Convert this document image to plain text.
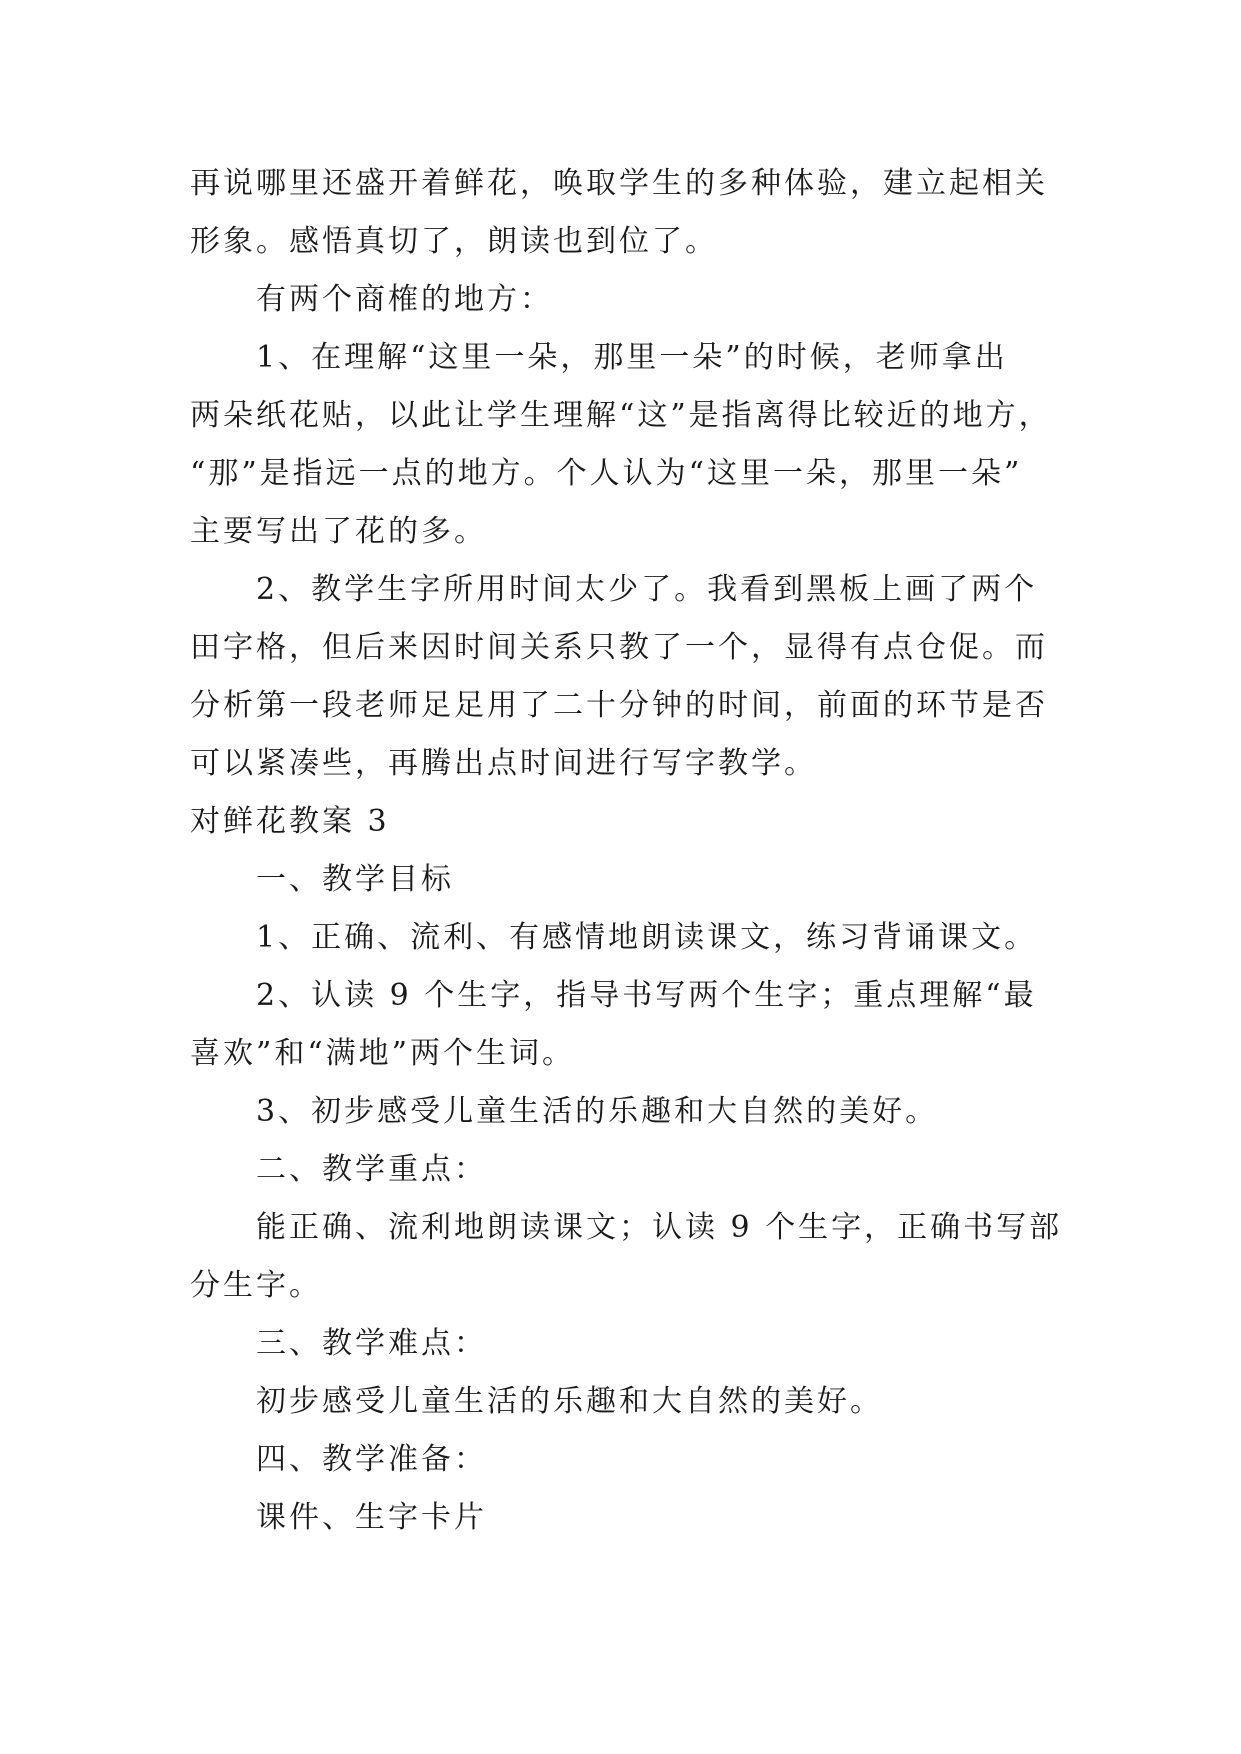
再说哪里还盛开着鲜花，唤取学生的多种体验，建立起相关
形象。感悟真切了，朗读也到位了。
有两个商榷的地方：
1、在理解“这里一朵，那里一朵”的时候，老师拿出
两朵纸花贴，以此让学生理解“这”是指离得比较近的地方，
“那”是指远一点的地方。个人认为“这里一朵，那里一朵”
主要写出了花的多。
2、教学生字所用时间太少了。我看到黑板上画了两个
田字格，但后来因时间关系只教了一个，显得有点仓促。而
分析第一段老师足足用了二十分钟的时间，前面的环节是否
可以紧凑些，再腾出点时间进行写字教学。
对鲜花教案 3
一、教学目标
1、正确、流利、有感情地朗读课文，练习背诵课文。
2、认读 9 个生字，指导书写两个生字；重点理解“最
喜欢”和“满地”两个生词。
3、初步感受儿童生活的乐趣和大自然的美好。
二、教学重点：
能正确、流利地朗读课文；认读 9 个生字，正确书写部
分生字。
三、教学难点：
初步感受儿童生活的乐趣和大自然的美好。
四、教学准备：
课件、生字卡片
